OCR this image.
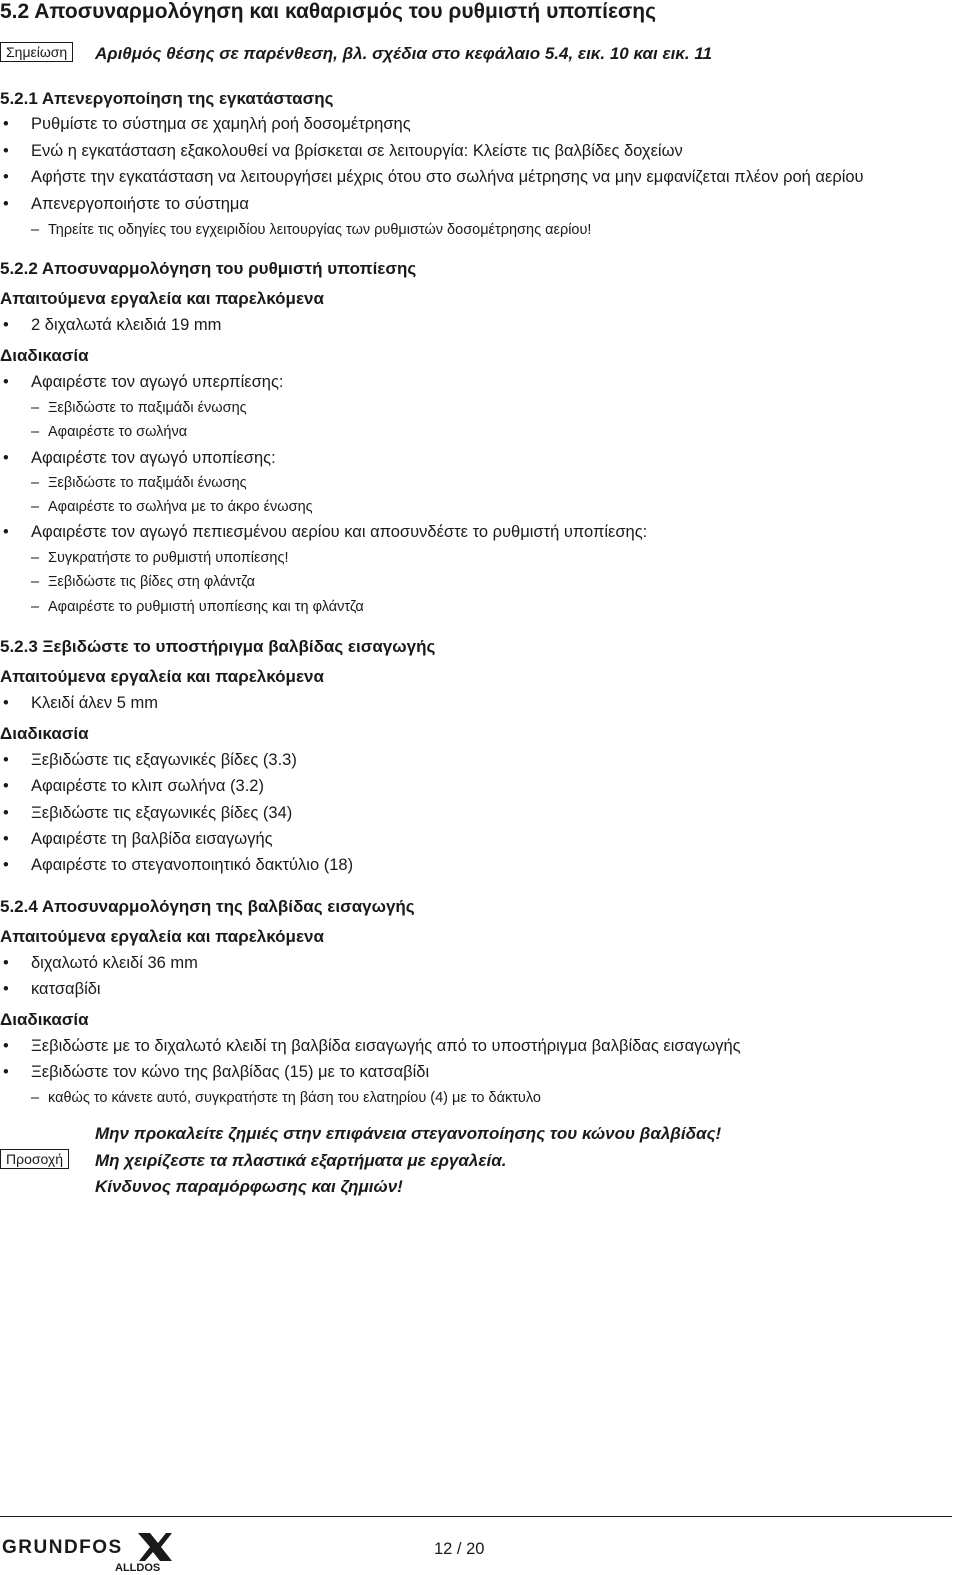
5.2 Αποσυναρμολόγηση και καθαρισμός του ρυθμιστή υποπίεσης
Σημείωση	Αριθμός θέσης σε παρένθεση, βλ. σχέδια στο κεφάλαιο 5.4, εικ. 10 και εικ. 11
5.2.1 Απενεργοποίηση της εγκατάστασης
• Ρυθμίστε το σύστημα σε χαμηλή ροή δοσομέτρησης
• Ενώ η εγκατάσταση εξακολουθεί να βρίσκεται σε λειτουργία: Κλείστε τις βαλβίδες δοχείων
• Αφήστε την εγκατάσταση να λειτουργήσει μέχρις ότου στο σωλήνα μέτρησης να μην εμφανίζεται πλέον ροή αερίου
• Απενεργοποιήστε το σύστημα
– Τηρείτε τις οδηγίες του εγχειριδίου λειτουργίας των ρυθμιστών δοσομέτρησης αερίου!
5.2.2 Αποσυναρμολόγηση του ρυθμιστή υποπίεσης
Απαιτούμενα εργαλεία και παρελκόμενα
• 2 διχαλωτά κλειδιά 19 mm
Διαδικασία
• Αφαιρέστε τον αγωγό υπερπίεσης:
– Ξεβιδώστε το παξιμάδι ένωσης
– Αφαιρέστε το σωλήνα
• Αφαιρέστε τον αγωγό υποπίεσης:
– Ξεβιδώστε το παξιμάδι ένωσης
– Αφαιρέστε το σωλήνα με το άκρο ένωσης
• Αφαιρέστε τον αγωγό πεπιεσμένου αερίου και αποσυνδέστε το ρυθμιστή υποπίεσης:
– Συγκρατήστε το ρυθμιστή υποπίεσης!
– Ξεβιδώστε τις βίδες στη φλάντζα
– Αφαιρέστε το ρυθμιστή υποπίεσης και τη φλάντζα
5.2.3 Ξεβιδώστε το υποστήριγμα βαλβίδας εισαγωγής
Απαιτούμενα εργαλεία και παρελκόμενα
• Κλειδί άλεν 5 mm
Διαδικασία
• Ξεβιδώστε τις εξαγωνικές βίδες (3.3)
• Αφαιρέστε το κλιπ σωλήνα (3.2)
• Ξεβιδώστε τις εξαγωνικές βίδες (34)
• Αφαιρέστε τη βαλβίδα εισαγωγής
• Αφαιρέστε το στεγανοποιητικό δακτύλιο (18)
5.2.4 Αποσυναρμολόγηση της βαλβίδας εισαγωγής
Απαιτούμενα εργαλεία και παρελκόμενα
• διχαλωτό κλειδί 36 mm
• κατσαβίδι
Διαδικασία
• Ξεβιδώστε με το διχαλωτό κλειδί τη βαλβίδα εισαγωγής από το υποστήριγμα βαλβίδας εισαγωγής
• Ξεβιδώστε τον κώνο της βαλβίδας (15) με το κατσαβίδι
– καθώς το κάνετε αυτό, συγκρατήστε τη βάση του ελατηρίου (4) με το δάκτυλο
Προσοχή
Μην προκαλείτε ζημιές στην επιφάνεια στεγανοποίησης του κώνου βαλβίδας!
Μη χειρίζεστε τα πλαστικά εξαρτήματα με εργαλεία.
Κίνδυνος παραμόρφωσης και ζημιών!
GRUNDFOS
ALLDOS
12 / 20
